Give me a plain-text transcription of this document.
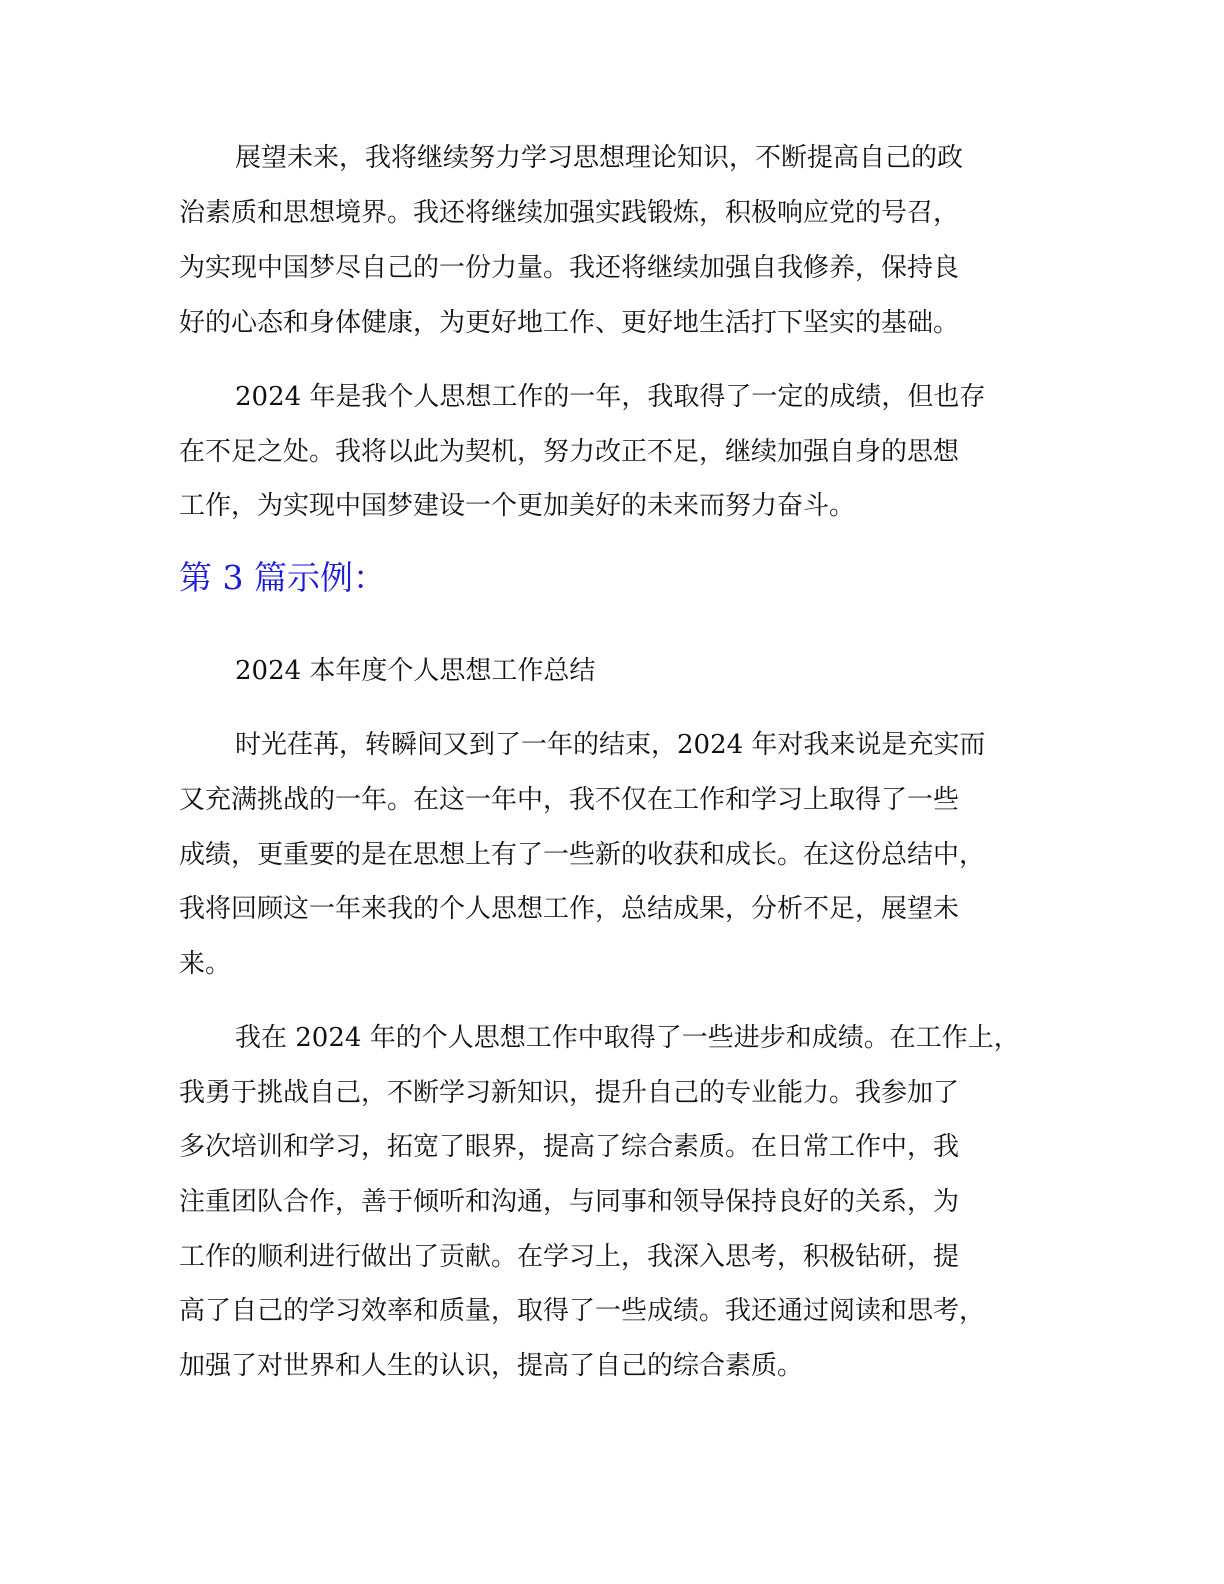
展望未来，我将继续努力学习思想理论知识，不断提高自己的政
治素质和思想境界。我还将继续加强实践锻炼，积极响应党的号召，
为实现中国梦尽自己的一份力量。我还将继续加强自我修养，保持良
好的心态和身体健康，为更好地工作、更好地生活打下坚实的基础。
2024 年是我个人思想工作的一年，我取得了一定的成绩，但也存
在不足之处。我将以此为契机，努力改正不足，继续加强自身的思想
工作，为实现中国梦建设一个更加美好的未来而努力奋斗。
第 3 篇示例：
2024 本年度个人思想工作总结
时光荏苒，转瞬间又到了一年的结束，2024 年对我来说是充实而
又充满挑战的一年。在这一年中，我不仅在工作和学习上取得了一些
成绩，更重要的是在思想上有了一些新的收获和成长。在这份总结中，
我将回顾这一年来我的个人思想工作，总结成果，分析不足，展望未
来。
我在 2024 年的个人思想工作中取得了一些进步和成绩。在工作上，
我勇于挑战自己，不断学习新知识，提升自己的专业能力。我参加了
多次培训和学习，拓宽了眼界，提高了综合素质。在日常工作中，我
注重团队合作，善于倾听和沟通，与同事和领导保持良好的关系，为
工作的顺利进行做出了贡献。在学习上，我深入思考，积极钻研，提
高了自己的学习效率和质量，取得了一些成绩。我还通过阅读和思考，
加强了对世界和人生的认识，提高了自己的综合素质。
